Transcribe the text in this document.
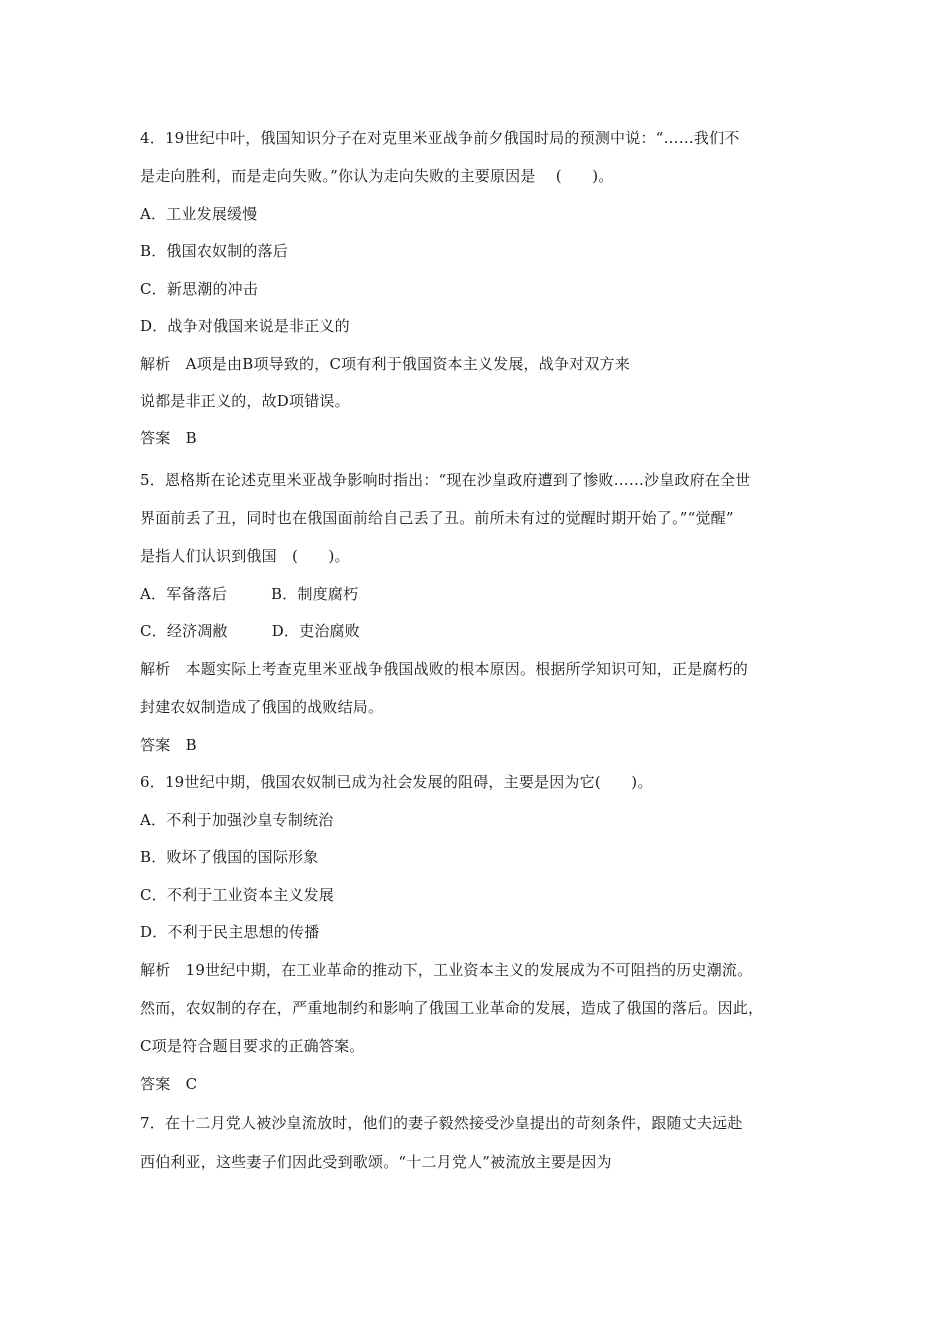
4．19世纪中叶，俄国知识分子在对克里米亚战争前夕俄国时局的预测中说：“……我们不
是走向胜利，而是走向失败。”你认为走向失败的主要原因是　 (　　)。
A．工业发展缓慢
B．俄国农奴制的落后
C．新思潮的冲击
D．战争对俄国来说是非正义的
解析　A项是由B项导致的，C项有利于俄国资本主义发展，战争对双方来
说都是非正义的，故D项错误。
答案　B
5．恩格斯在论述克里米亚战争影响时指出：“现在沙皇政府遭到了惨败……沙皇政府在全世
界面前丢了丑，同时也在俄国面前给自己丢了丑。前所未有过的觉醒时期开始了。”“觉醒”
是指人们认识到俄国　(　　)。
A．军备落后	B．制度腐朽
C．经济凋敝	D．吏治腐败
解析　本题实际上考查克里米亚战争俄国战败的根本原因。根据所学知识可知，正是腐朽的
封建农奴制造成了俄国的战败结局。
答案　B
6．19世纪中期，俄国农奴制已成为社会发展的阻碍，主要是因为它(　　)。
A．不利于加强沙皇专制统治
B．败坏了俄国的国际形象
C．不利于工业资本主义发展
D．不利于民主思想的传播
解析　19世纪中期，在工业革命的推动下，工业资本主义的发展成为不可阻挡的历史潮流。
然而，农奴制的存在，严重地制约和影响了俄国工业革命的发展，造成了俄国的落后。因此，
C项是符合题目要求的正确答案。
答案　C
7．在十二月党人被沙皇流放时，他们的妻子毅然接受沙皇提出的苛刻条件，跟随丈夫远赴
西伯利亚，这些妻子们因此受到歌颂。“十二月党人”被流放主要是因为
